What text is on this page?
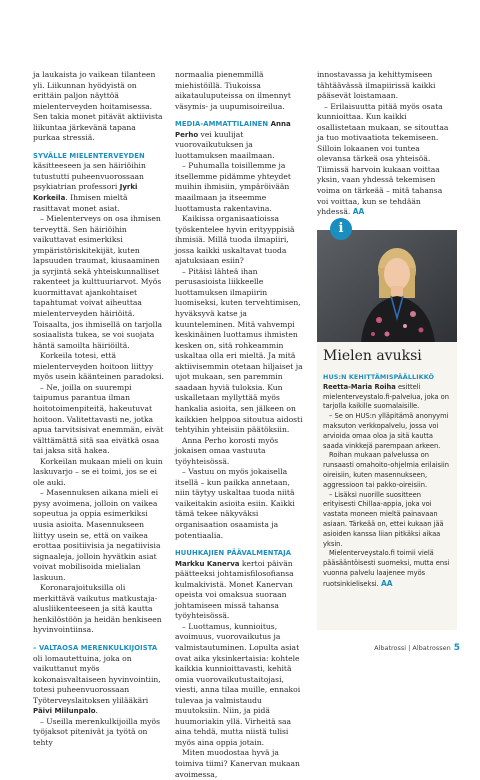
ja laukaista jo vaikean tilanteen yli. Liikunnan hyödyistä on erittäin paljon näyttöä mielenterveyden hoitamisessa. Sen takia monet pitävät aktiivista liikuntaa järkevänä tapana purkaa stressiä.

SYVÄLLE MIELENTERVEYDEN käsitteeseen ja sen häiriöihin tutustutti puheenvuorossaan psykiatrian professori Jyrki Korkeila. Ihmisen mieltä rasittavat monet asiat.

– Mielenterveys on osa ihmisen terveyttä. Sen häiriöihin vaikuttavat esimerkiksi ympäristöriskitekijät, kuten lapsuuden traumat, kiusaaminen ja syrjintä sekä yhteiskunnalliset rakenteet ja kulttuuriarvot. Myös kuormittavat ajankohtaiset tapahtumat voivat aiheuttaa mielenterveyden häiriöitä. Toisaalta, jos ihmisellä on tarjolla sosiaalista tukea, se voi suojata häntä samoilta häiriöiltä.

Korkeila totesi, että mielenterveyden hoitoon liittyy myös usein käänteinen paradoksi.

– Ne, joilla on suurempi taipumus parantua ilman hoitotoimenpiteitä, hakeutuvat hoitoon. Valitettavasti ne, jotka apua tarvitsisivat enemmän, eivät välttämättä sitä saa eivätkä osaa tai jaksa sitä hakea.

Korkeilan mukaan mieli on kuin laskuvarjo – se ei toimi, jos se ei ole auki.

– Masennuksen aikana mieli ei pysy avoimena, jolloin on vaikea sopeutua ja oppia esimerkiksi uusia asioita. Masennukseen liittyy usein se, että on vaikea erottaa positiivisia ja negatiivisia signaaleja, jolloin hyvätkin asiat voivat mobilisoida mielialan laskuun.

Koronarajoituksilla oli merkittävä vaikutus matkustaja-alusliikenteeseen ja sitä kautta henkilöstöön ja heidän henkiseen hyvinvointiinsa.

– VALTAOSA MERENKULKIJOISTA oli lomautettuina, joka on vaikuttanut myös kokonaisvaltaiseen hyvinvointiin, totesi puheenvuorossaan Työterveyslaitoksen ylilääkäri Päivi Miilunpalo.

– Useilla merenkulkijoilla myös työjaksot pitenivät ja työtä on tehty

normaalia pienemmillä miehistöillä. Tiukoissa aikatauluputeissa on ilmennyt väsymis- ja uupumisoireilua.

MEDIA-AMMATTILAINEN Anna Perho vei kuulijat vuorovaikutuksen ja luottamuksen maailmaan.

– Puhumalla toisillemme ja itsellemme pidämme yhteydet muihin ihmisiin, ympäröivään maailmaan ja itseemme luottamusta rakentavina.

Kaikissa organisaatioissa työskentelee hyvin erityyppisiä ihmisiä. Millä tuoda ilmapiiri, jossa kaikki uskaltavat tuoda ajatuksiaan esiin?

– Pitäisi lähteä ihan perusasioista liikkeelle luottamuksen ilmapiirin luomiseksi, kuten tervehtimisen, hyväksyvä katse ja kuunteleminen. Mitä vahvempi keskinäinen luottamus ihmisten kesken on, sitä rohkeammin uskaltaa olla eri mieltä. Ja mitä aktiivisemmin otetaan hiljaiset ja ujot mukaan, sen paremmin saadaan hyviä tuloksia. Kun uskalletaan myllyttää myös hankalia asioita, sen jälkeen on kaikkien helppoa sitoutua aidosti tehtyihin yhteisiin päätöksiin.

Anna Perho korosti myös jokaisen omaa vastuuta työyhteisössä.

– Vastuu on myös jokaisella itsellä – kun paikka annetaan, niin täytyy uskaltaa tuoda niitä vaikeitakin asioita esiin. Kaikki tämä tekee näkyväksi organisaation osaamista ja potentiaalia.

HUUHKAJIEN PÄÄVALMENTAJA Markku Kanerva kertoi päivän päätteeksi johtamisfilosofiansa kulmakivistä. Monet Kanervan opeista voi omaksua suoraan johtamiseen missä tahansa työyhteisössä.

– Luottamus, kunnioitus, avoimuus, vuorovaikutus ja valmistautuminen. Lopulta asiat ovat aika yksinkertaisia: kohtele kaikkia kunnioittavasti, kehitä omia vuorovaikutustaitojasi, viesti, anna tilaa muille, ennakoi tulevaa ja valmistaudu muutoksiin. Niin, ja pidä huumoriakin yllä. Virheitä saa aina tehdä, mutta niistä tulisi myös aina oppia jotain.

Miten muodostaa hyvä ja toimiva tiimi? Kanervan mukaan avoimessa,

innostavassa ja kehittymiseen tähtäävässä ilmapiirissä kaikki pääsevät loistamaan.

– Erilaisuutta pitää myös osata kunnioittaa. Kun kaikki osallistetaan mukaan, se sitouttaa ja tuo motivaatiota tekemiseen. Silloin lokaanen voi tuntea olevansa tärkeä osa yhteisöä. Tiimissä harvoin kukaan voittaa yksin, vaan yhdessä tekemisen voima on tärkeää – mitä tahansa voi voittaa, kun se tehdään yhdessä. AA

i
Mielen avuksi

HUS:N KEHITTÄMISPÄÄLLIKKÖ

Reetta-Maria Roiha esitteli mielenterveystalo.fi-palvelua, joka on tarjolla kaikille suomalaisille.

– Se on HUS:n ylläpitämä anonyymi maksuton verkkopalvelu, jossa voi arvioida omaa oloa ja sitä kautta saada vinkkejä parempaan arkeen.

Roihan mukaan palvelussa on runsaasti omahoito-ohjelmia erilaisiin oireisiin, kuten masennukseen, aggressioon tai pakko-oireisiin.

– Lisäksi nuorille suositteen erityisesti Chillaa-appia, joka voi vastata moneen mieltä painavaan asiaan. Tärkeää on, ettei kukaan jää asioiden kanssa liian pitkäksi aikaa yksin.

Mielenterveystalo.fi toimii vielä pääsääntöisesti suomeksi, mutta ensi vuonna palvelu laajenee myös ruotsinkieliseksi. AA

Albatrossi | Albatrossen 5
